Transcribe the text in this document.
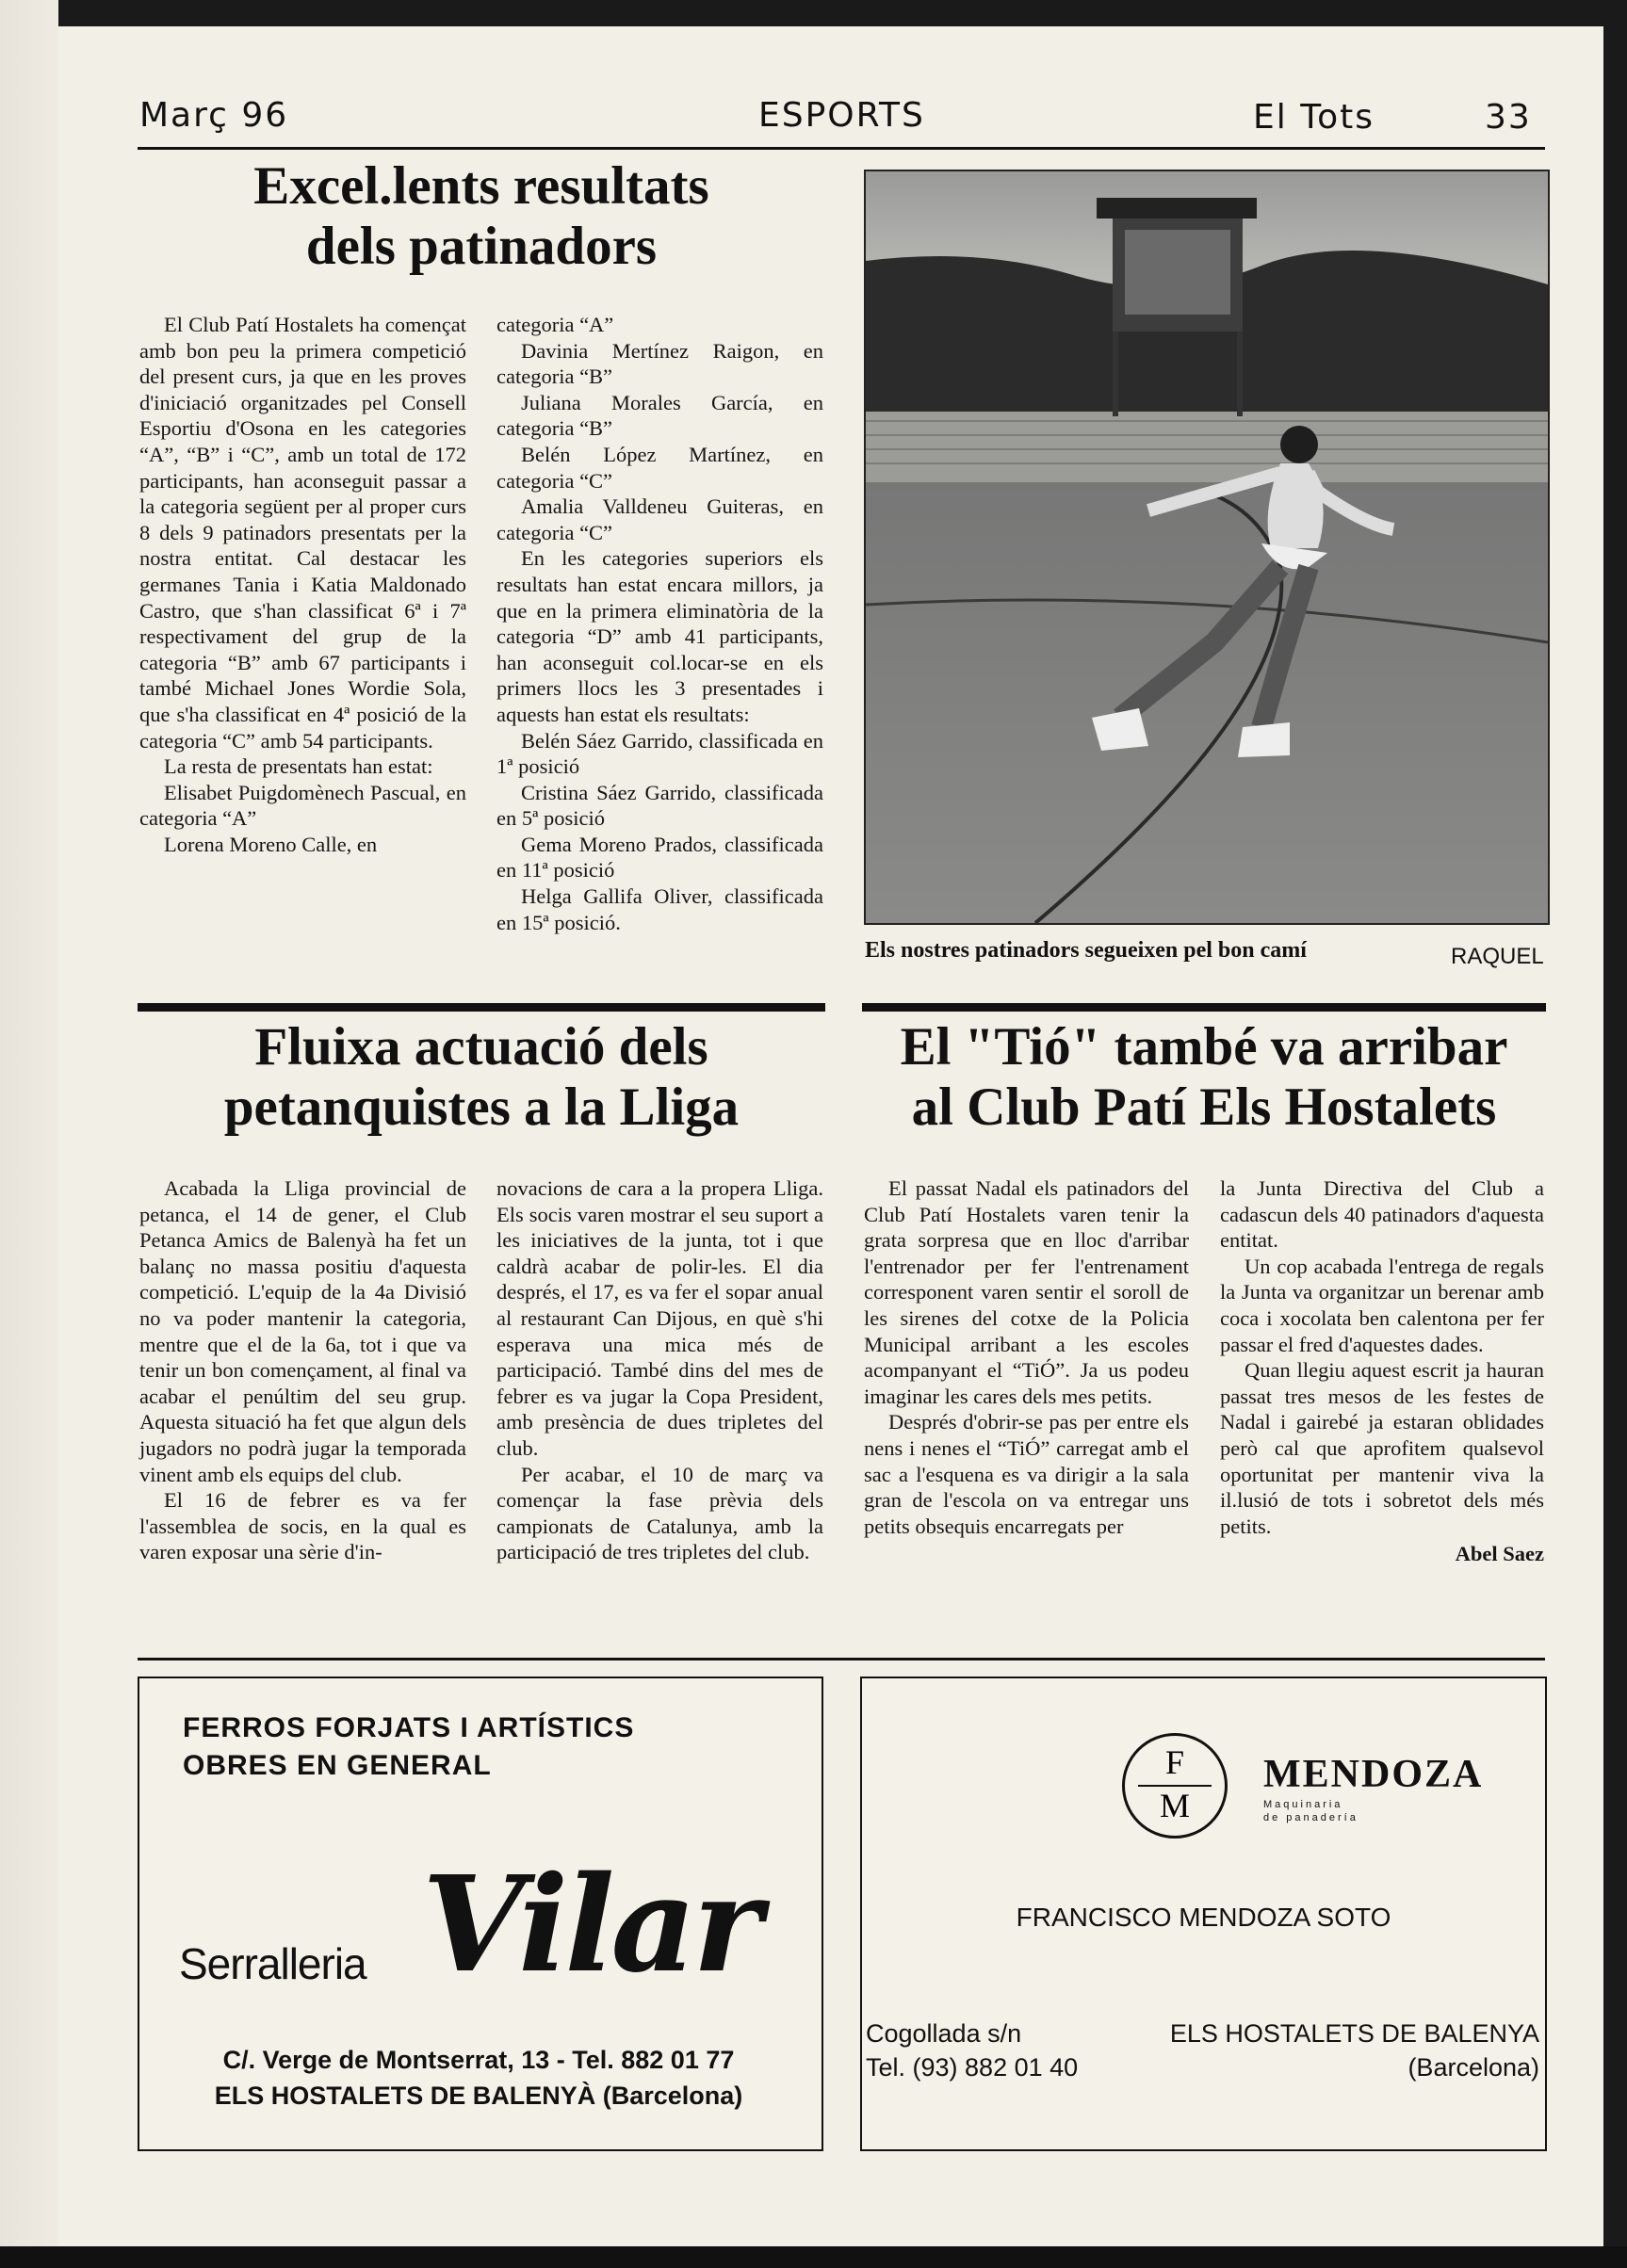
Març 96	ESPORTS	El Tots	33
Excel.lents resultats
dels patinadors

El Club Patí Hostalets ha començat amb bon peu la primera competició del present curs, ja que en les proves d'iniciació organitzades pel Consell Esportiu d'Osona en les categories “A”, “B” i “C”, amb un total de 172 participants, han aconseguit passar a la categoria següent per al proper curs 8 dels 9 patinadors presentats per la nostra entitat. Cal destacar les germanes Tania i Katia Maldonado Castro, que s'han classificat 6ª i 7ª respectivament del grup de la categoria “B” amb 67 participants i també Michael Jones Wordie Sola, que s'ha classificat en 4ª posició de la categoria “C” amb 54 participants.

La resta de presentats han estat:

Elisabet Puigdomènech Pascual, en categoria “A”

Lorena Moreno Calle, en

categoria “A”

Davinia Mertínez Raigon, en categoria “B”

Juliana Morales García, en categoria “B”

Belén López Martínez, en categoria “C”

Amalia Valldeneu Guiteras, en categoria “C”

En les categories superiors els resultats han estat encara millors, ja que en la primera eliminatòria de la categoria “D” amb 41 participants, han aconseguit col.locar-se en els primers llocs les 3 presentades i aquests han estat els resultats:

Belén Sáez Garrido, classificada en 1ª posició

Cristina Sáez Garrido, classificada en 5ª posició

Gema Moreno Prados, classificada en 11ª posició

Helga Gallifa Oliver, classificada en 15ª posició.

Els nostres patinadors segueixen pel bon camí	RAQUEL
Fluixa actuació dels
petanquistes a la Lliga

Acabada la Lliga provincial de petanca, el 14 de gener, el Club Petanca Amics de Balenyà ha fet un balanç no massa positiu d'aquesta competició. L'equip de la 4a Divisió no va poder mantenir la categoria, mentre que el de la 6a, tot i que va tenir un bon començament, al final va acabar el penúltim del seu grup. Aquesta situació ha fet que algun dels jugadors no podrà jugar la temporada vinent amb els equips del club.

El 16 de febrer es va fer l'assemblea de socis, en la qual es varen exposar una sèrie d'in-

novacions de cara a la propera Lliga. Els socis varen mostrar el seu suport a les iniciatives de la junta, tot i que caldrà acabar de polir-les. El dia després, el 17, es va fer el sopar anual al restaurant Can Dijous, en què s'hi esperava una mica més de participació. També dins del mes de febrer es va jugar la Copa President, amb presència de dues tripletes del club.

Per acabar, el 10 de març va començar la fase prèvia dels campionats de Catalunya, amb la participació de tres tripletes del club.

El "Tió" també va arribar
al Club Patí Els Hostalets

El passat Nadal els patinadors del Club Patí Hostalets varen tenir la grata sorpresa que en lloc d'arribar l'entrenador per fer l'entrenament corresponent varen sentir el soroll de les sirenes del cotxe de la Policia Municipal arribant a les escoles acompanyant el “TiÓ”. Ja us podeu imaginar les cares dels mes petits.

Després d'obrir-se pas per entre els nens i nenes el “TiÓ” carregat amb el sac a l'esquena es va dirigir a la sala gran de l'escola on va entregar uns petits obsequis encarregats per

la Junta Directiva del Club a cadascun dels 40 patinadors d'aquesta entitat.

Un cop acabada l'entrega de regals la Junta va organitzar un berenar amb coca i xocolata ben calentona per fer passar el fred d'aquestes dades.

Quan llegiu aquest escrit ja hauran passat tres mesos de les festes de Nadal i gairebé ja estaran oblidades però cal que aprofitem qualsevol oportunitat per mantenir viva la il.lusió de tots i sobretot dels més petits.

Abel Saez

FERROS FORJATS I ARTÍSTICS
OBRES EN GENERAL
Serralleria Vilar
C/. Verge de Montserrat, 13 - Tel. 882 01 77
ELS HOSTALETS DE BALENYÀ (Barcelona)
F
M
MENDOZA
Maquinaria
de panadería
FRANCISCO MENDOZA SOTO
Cogollada s/n
Tel. (93) 882 01 40
ELS HOSTALETS DE BALENYA
(Barcelona)
